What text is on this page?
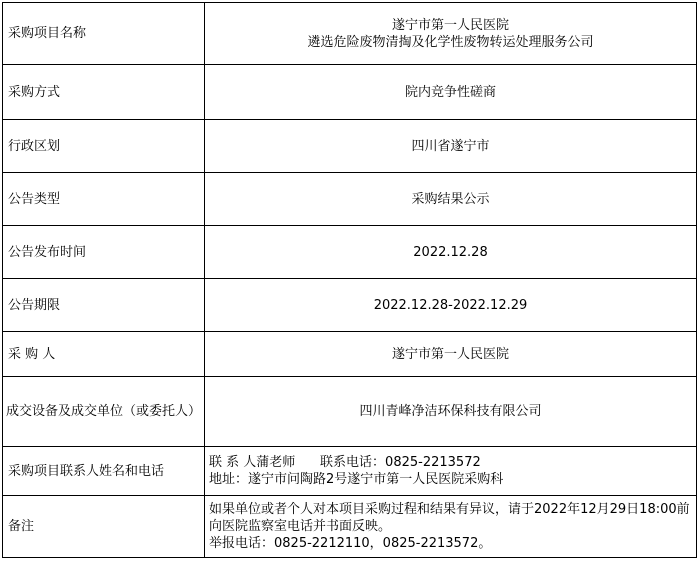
采购项目名称	遂宁市第一人民医院
遴选危险废物清掏及化学性废物转运处理服务公司

采购方式	院内竞争性磋商
行政区划	四川省遂宁市
公告类型	采购结果公示
公告发布时间	2022.12.28
公告期限	2022.12.28-2022.12.29
采 购 人	遂宁市第一人民医院
成交设备及成交单位（或委托人）	四川青峰净洁环保科技有限公司
采购项目联系人姓名和电话	联 系 人蒲老师      联系电话：0825-2213572
地址：遂宁市问陶路2号遂宁市第一人民医院采购科

备注	如果单位或者个人对本项目采购过程和结果有异议，请于2022年12月29日18:00前向医院监察室电话并书面反映。
举报电话：0825-2212110，0825-2213572。
